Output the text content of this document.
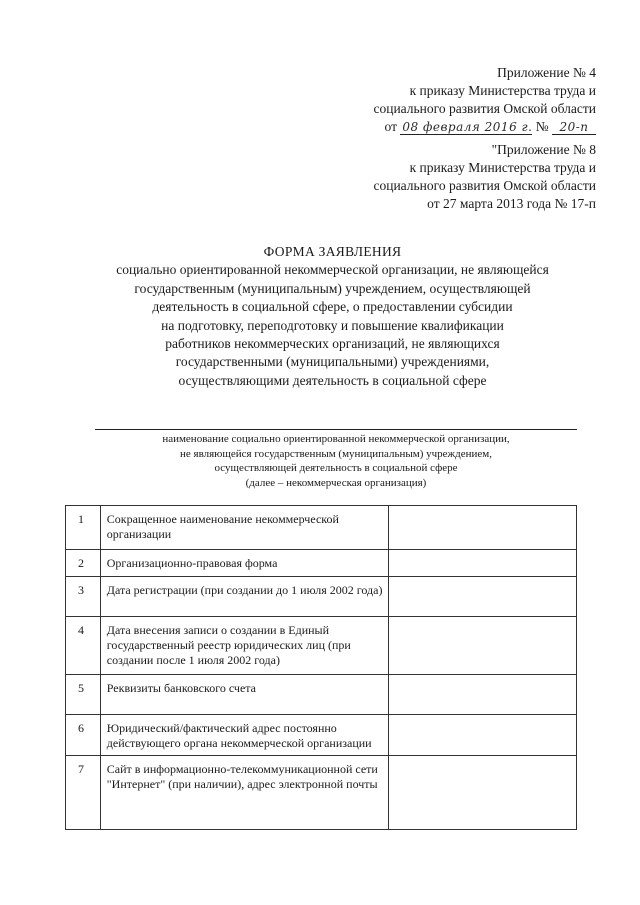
Приложение № 4
к приказу Министерства труда и
социального развития Омской области
от 08 февраля 2016 г. № 20-п
"Приложение № 8
к приказу Министерства труда и
социального развития Омской области
от 27 марта 2013 года № 17-п
ФОРМА ЗАЯВЛЕНИЯ
социально ориентированной некоммерческой организации, не являющейся
государственным (муниципальным) учреждением, осуществляющей
деятельность в социальной сфере, о предоставлении субсидии
на подготовку, переподготовку и повышение квалификации
работников некоммерческих организаций, не являющихся
государственными (муниципальными) учреждениями,
осуществляющими деятельность в социальной сфере
наименование социально ориентированной некоммерческой организации,
не являющейся государственным (муниципальным) учреждением,
осуществляющей деятельность в социальной сфере
(далее – некоммерческая организация)
1	Сокращенное наименование некоммерческой организации	
2	Организационно-правовая форма	
3	Дата регистрации (при создании до 1 июля 2002 года)	
4	Дата внесения записи о создании в Единый государственный реестр юридических лиц (при создании после 1 июля 2002 года)	
5	Реквизиты банковского счета	
6	Юридический/фактический адрес постоянно действующего органа некоммерческой организации	
7	Сайт в информационно-телекоммуникационной сети "Интернет" (при наличии), адрес электронной почты	
